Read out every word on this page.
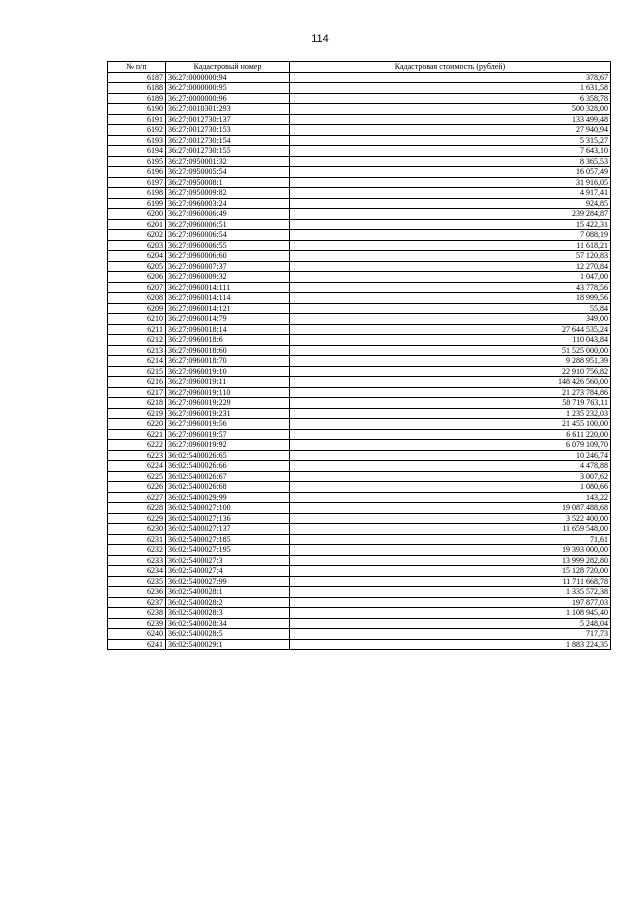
114
№ п/п	Кадастровый номер	Кадастровая стоимость (рублей)
6187	36:27:0000000:94	378,67
6188	36:27:0000000:95	1 631,58
6189	36:27:0000000:96	6 358,78
6190	36:27:0010301:293	500 328,00
6191	36:27:0012730:137	133 499,48
6192	36:27:0012730:153	27 940,94
6193	36:27:0012730:154	5 315,27
6194	36:27:0012730:155	7 643,10
6195	36:27:0950001:32	8 365,53
6196	36:27:0950005:54	16 057,49
6197	36:27:0950008:1	31 916,05
6198	36:27:0950009:82	4 917,41
6199	36:27:0960003:24	924,85
6200	36:27:0960006:49	239 284,87
6201	36:27:0960006:51	15 422,31
6202	36:27:0960006:54	7 088,19
6203	36:27:0960006:55	11 618,21
6204	36:27:0960006:60	57 120,83
6205	36:27:0960007:37	12 270,84
6206	36:27:0960009:32	1 047,00
6207	36:27:0960014:111	43 778,56
6208	36:27:0960014:114	18 999,56
6209	36:27:0960014:121	55,84
6210	36:27:0960014:79	349,00
6211	36:27:0960018:14	27 644 535,24
6212	36:27:0960018:6	110 043,84
6213	36:27:0960018:60	51 525 000,00
6214	36:27:0960018:70	9 288 951,39
6215	36:27:0960019:10	22 910 756,82
6216	36:27:0960019:11	148 426 560,00
6217	36:27:0960019:110	21 273 784,86
6218	36:27:0960019:229	58 719 763,11
6219	36:27:0960019:231	1 235 232,03
6220	36:27:0960019:56	21 455 100,00
6221	36:27:0960019:57	6 611 220,00
6222	36:27:0960019:92	6 079 109,70
6223	36:02:5400026:65	10 246,74
6224	36:02:5400026:66	4 478,88
6225	36:02:5400026:67	3 007,62
6226	36:02:5400026:68	1 080,66
6227	36:02:5400029:99	143,22
6228	36:02:5400027:100	19 087 488,68
6229	36:02:5400027:136	3 522 400,00
6230	36:02:5400027:137	11 659 548,00
6231	36:02:5400027:185	71,61
6232	36:02:5400027:195	19 393 000,00
6233	36:02:5400027:3	13 999 282,80
6234	36:02:5400027:4	15 128 720,00
6235	36:02:5400027:99	11 711 668,78
6236	36:02:5400028:1	1 335 572,38
6237	36:02:5400028:2	197 877,03
6238	36:02:5400028:3	1 108 945,40
6239	36:02:5400028:34	5 248,04
6240	36:02:5400028:5	717,73
6241	36:02:5400029:1	1 883 224,35
